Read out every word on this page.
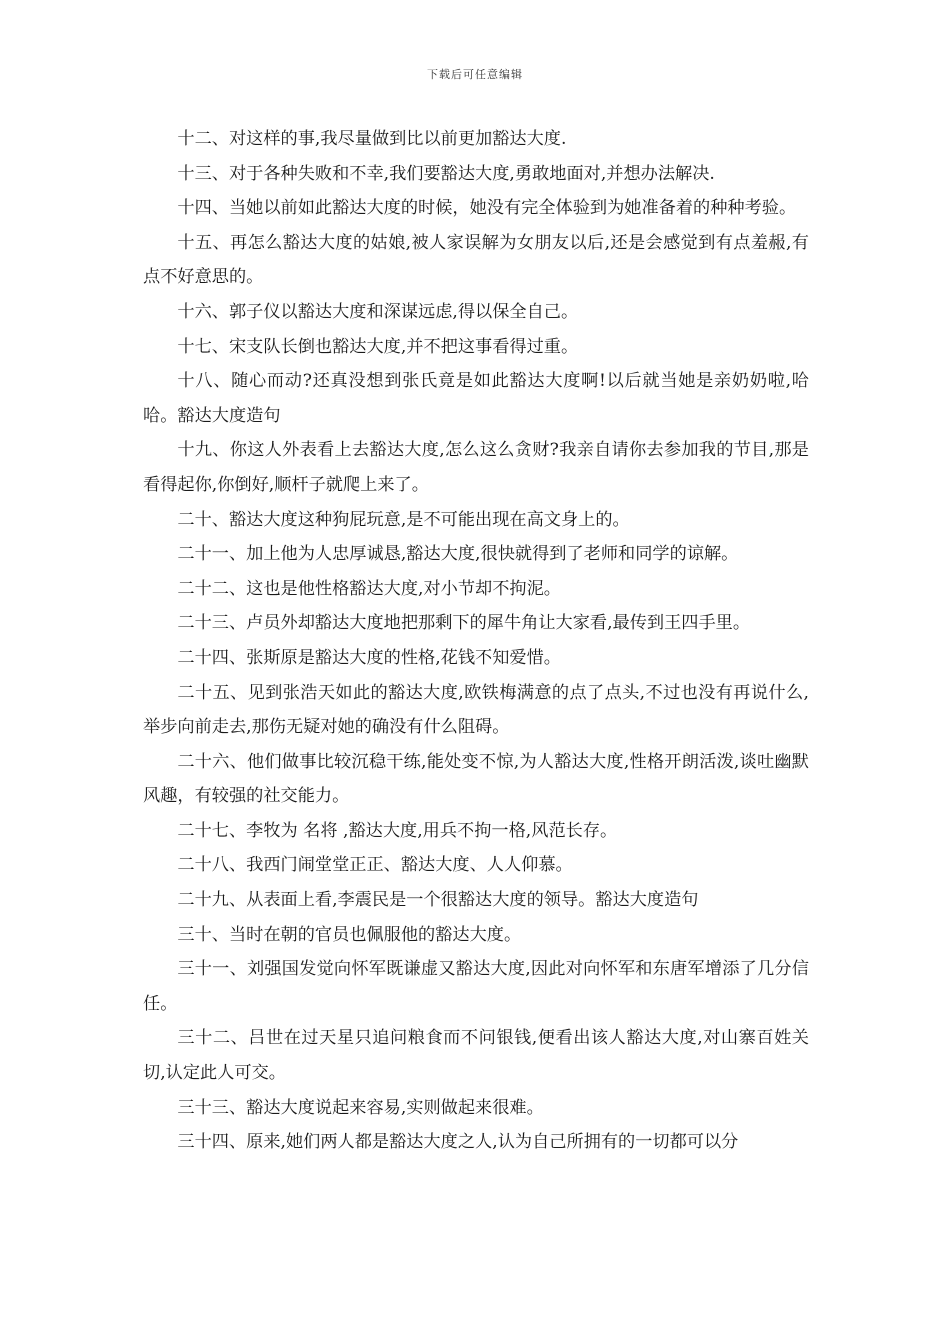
下载后可任意编辑

十二、对这样的事,我尽量做到比以前更加豁达大度.

十三、对于各种失败和不幸,我们要豁达大度,勇敢地面对,并想办法解决.

十四、当她以前如此豁达大度的时候，她没有完全体验到为她准备着的种种考验。

十五、再怎么豁达大度的姑娘,被人家误解为女朋友以后,还是会感觉到有点羞赧,有点不好意思的。

十六、郭子仪以豁达大度和深谋远虑,得以保全自己。

十七、宋支队长倒也豁达大度,并不把这事看得过重。

十八、随心而动?还真没想到张氏竟是如此豁达大度啊!以后就当她是亲奶奶啦,哈哈。豁达大度造句

十九、你这人外表看上去豁达大度,怎么这么贪财?我亲自请你去参加我的节目,那是看得起你,你倒好,顺杆子就爬上来了。

二十、豁达大度这种狗屁玩意,是不可能出现在高文身上的。

二十一、加上他为人忠厚诚恳,豁达大度,很快就得到了老师和同学的谅解。

二十二、这也是他性格豁达大度,对小节却不拘泥。

二十三、卢员外却豁达大度地把那剩下的犀牛角让大家看,最传到王四手里。

二十四、张斯原是豁达大度的性格,花钱不知爱惜。

二十五、见到张浩天如此的豁达大度,欧铁梅满意的点了点头,不过也没有再说什么,举步向前走去,那伤无疑对她的确没有什么阻碍。

二十六、他们做事比较沉稳干练,能处变不惊,为人豁达大度,性格开朗活泼,谈吐幽默风趣，有较强的社交能力。

二十七、李牧为 名将 ,豁达大度,用兵不拘一格,风范长存。

二十八、我西门闹堂堂正正、豁达大度、人人仰慕。

二十九、从表面上看,李震民是一个很豁达大度的领导。豁达大度造句

三十、当时在朝的官员也佩服他的豁达大度。

三十一、刘强国发觉向怀军既谦虚又豁达大度,因此对向怀军和东唐军增添了几分信任。

三十二、吕世在过天星只追问粮食而不问银钱,便看出该人豁达大度,对山寨百姓关切,认定此人可交。

三十三、豁达大度说起来容易,实则做起来很难。

三十四、原来,她们两人都是豁达大度之人,认为自己所拥有的一切都可以分
